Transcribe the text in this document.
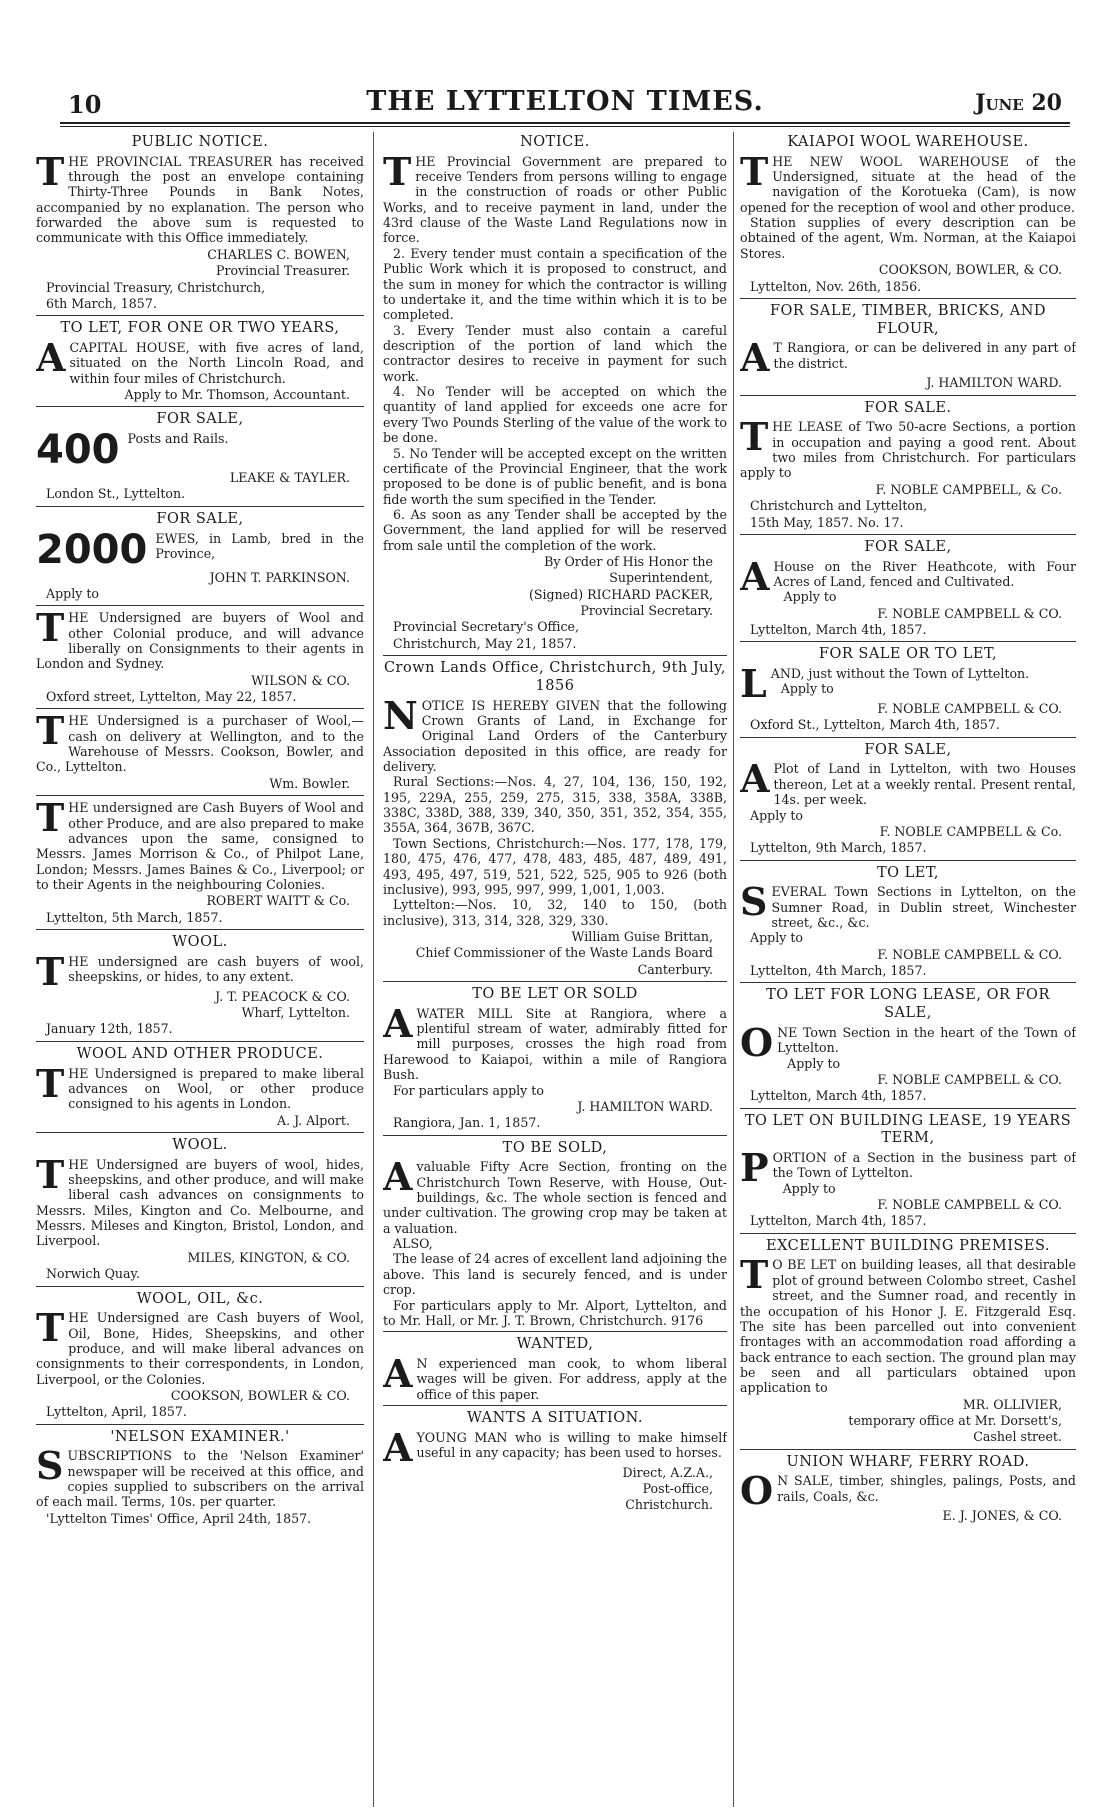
10	THE LYTTELTON TIMES.	June 20
PUBLIC NOTICE.
THE PROVINCIAL TREASURER has received through the post an envelope containing Thirty-Three Pounds in Bank Notes, accompanied by no explanation. The person who forwarded the above sum is requested to communicate with this Office immediately.
CHARLES C. BOWEN,
Provincial Treasurer.
Provincial Treasury, Christchurch,
6th March, 1857.
TO LET, FOR ONE OR TWO YEARS,
ACAPITAL HOUSE, with five acres of land, situated on the North Lincoln Road, and within four miles of Christchurch.
Apply to Mr. Thomson, Accountant.
FOR SALE,
400 Posts and Rails.
LEAKE & TAYLER.
London St., Lyttelton.
FOR SALE,
2000 EWES, in Lamb, bred in the Province,
JOHN T. PARKINSON.
Apply to
THE Undersigned are buyers of Wool and other Colonial produce, and will advance liberally on Consignments to their agents in London and Sydney.
WILSON & CO.
Oxford street, Lyttelton, May 22, 1857.
THE Undersigned is a purchaser of Wool,—cash on delivery at Wellington, and to the Warehouse of Messrs. Cookson, Bowler, and Co., Lyttelton.
Wm. Bowler.
THE undersigned are Cash Buyers of Wool and other Produce, and are also prepared to make advances upon the same, consigned to Messrs. James Morrison & Co., of Philpot Lane, London; Messrs. James Baines & Co., Liverpool; or to their Agents in the neighbouring Colonies.
ROBERT WAITT & Co.
Lyttelton, 5th March, 1857.
WOOL.
THE undersigned are cash buyers of wool, sheepskins, or hides, to any extent.
J. T. PEACOCK & CO.
Wharf, Lyttelton.
January 12th, 1857.
WOOL AND OTHER PRODUCE.
THE Undersigned is prepared to make liberal advances on Wool, or other produce consigned to his agents in London.
A. J. Alport.
WOOL.
THE Undersigned are buyers of wool, hides, sheepskins, and other produce, and will make liberal cash advances on consignments to Messrs. Miles, Kington and Co. Melbourne, and Messrs. Mileses and Kington, Bristol, London, and Liverpool.
MILES, KINGTON, & CO.
Norwich Quay.
WOOL, OIL, &c.
THE Undersigned are Cash buyers of Wool, Oil, Bone, Hides, Sheepskins, and other produce, and will make liberal advances on consignments to their correspondents, in London, Liverpool, or the Colonies.
COOKSON, BOWLER & CO.
Lyttelton, April, 1857.
'NELSON EXAMINER.'
SUBSCRIPTIONS to the 'Nelson Examiner' newspaper will be received at this office, and copies supplied to subscribers on the arrival of each mail. Terms, 10s. per quarter.
'Lyttelton Times' Office, April 24th, 1857.
NOTICE.
THE Provincial Government are prepared to receive Tenders from persons willing to engage in the construction of roads or other Public Works, and to receive payment in land, under the 43rd clause of the Waste Land Regulations now in force.

2. Every tender must contain a specification of the Public Work which it is proposed to construct, and the sum in money for which the contractor is willing to undertake it, and the time within which it is to be completed.

3. Every Tender must also contain a careful description of the portion of land which the contractor desires to receive in payment for such work.

4. No Tender will be accepted on which the quantity of land applied for exceeds one acre for every Two Pounds Sterling of the value of the work to be done.

5. No Tender will be accepted except on the written certificate of the Provincial Engineer, that the work proposed to be done is of public benefit, and is bona fide worth the sum specified in the Tender.

6. As soon as any Tender shall be accepted by the Government, the land applied for will be reserved from sale until the completion of the work.

By Order of His Honor the
Superintendent,
(Signed) RICHARD PACKER,
Provincial Secretary.
Provincial Secretary's Office,
Christchurch, May 21, 1857.
Crown Lands Office, Christchurch, 9th July, 1856
NOTICE IS HEREBY GIVEN that the following Crown Grants of Land, in Exchange for Original Land Orders of the Canterbury Association deposited in this office, are ready for delivery.

Rural Sections:—Nos. 4, 27, 104, 136, 150, 192, 195, 229A, 255, 259, 275, 315, 338, 358A, 338B, 338C, 338D, 388, 339, 340, 350, 351, 352, 354, 355, 355A, 364, 367B, 367C.

Town Sections, Christchurch:—Nos. 177, 178, 179, 180, 475, 476, 477, 478, 483, 485, 487, 489, 491, 493, 495, 497, 519, 521, 522, 525, 905 to 926 (both inclusive), 993, 995, 997, 999, 1,001, 1,003.

Lyttelton:—Nos. 10, 32, 140 to 150, (both inclusive), 313, 314, 328, 329, 330.

William Guise Brittan,
Chief Commissioner of the Waste Lands Board
Canterbury.
TO BE LET OR SOLD
AWATER MILL Site at Rangiora, where a plentiful stream of water, admirably fitted for mill purposes, crosses the high road from Harewood to Kaiapoi, within a mile of Rangiora Bush.

For particulars apply to

J. HAMILTON WARD.
Rangiora, Jan. 1, 1857.
TO BE SOLD,
Avaluable Fifty Acre Section, fronting on the Christchurch Town Reserve, with House, Out-buildings, &c. The whole section is fenced and under cultivation. The growing crop may be taken at a valuation.

ALSO,

The lease of 24 acres of excellent land adjoining the above. This land is securely fenced, and is under crop.

For particulars apply to Mr. Alport, Lyttelton, and to Mr. Hall, or Mr. J. T. Brown, Christchurch. 9176

WANTED,
A N experienced man cook, to whom liberal wages will be given. For address, apply at the office of this paper.
WANTS A SITUATION.
AYOUNG MAN who is willing to make himself useful in any capacity; has been used to horses.
Direct, A.Z.A.,
Post-office,
Christchurch.
KAIAPOI WOOL WAREHOUSE.
THE NEW WOOL WAREHOUSE of the Undersigned, situate at the head of the navigation of the Korotueka (Cam), is now opened for the reception of wool and other produce.

Station supplies of every description can be obtained of the agent, Wm. Norman, at the Kaiapoi Stores.

COOKSON, BOWLER, & CO.
Lyttelton, Nov. 26th, 1856.
FOR SALE, TIMBER, BRICKS, AND FLOUR,
A T Rangiora, or can be delivered in any part of the district.
J. HAMILTON WARD.
FOR SALE.
THE LEASE of Two 50-acre Sections, a portion in occupation and paying a good rent. About two miles from Christchurch. For particulars apply to
F. NOBLE CAMPBELL, & Co.
Christchurch and Lyttelton,
15th May, 1857. No. 17.
FOR SALE,
A House on the River Heathcote, with Four Acres of Land, fenced and Cultivated.

Apply to

F. NOBLE CAMPBELL & CO.
Lyttelton, March 4th, 1857.
FOR SALE OR TO LET,
LAND, just without the Town of Lyttelton.

Apply to

F. NOBLE CAMPBELL & CO.
Oxford St., Lyttelton, March 4th, 1857.
FOR SALE,
A Plot of Land in Lyttelton, with two Houses thereon, Let at a weekly rental. Present rental, 14s. per week.

Apply to

F. NOBLE CAMPBELL & Co.
Lyttelton, 9th March, 1857.
TO LET,
SEVERAL Town Sections in Lyttelton, on the Sumner Road, in Dublin street, Winchester street, &c., &c.

Apply to

F. NOBLE CAMPBELL & CO.
Lyttelton, 4th March, 1857.
TO LET FOR LONG LEASE, OR FOR SALE,
ONE Town Section in the heart of the Town of Lyttelton.

Apply to

F. NOBLE CAMPBELL & CO.
Lyttelton, March 4th, 1857.
TO LET ON BUILDING LEASE, 19 YEARS TERM,
PORTION of a Section in the business part of the Town of Lyttelton.

Apply to

F. NOBLE CAMPBELL & CO.
Lyttelton, March 4th, 1857.
EXCELLENT BUILDING PREMISES.
T O BE LET on building leases, all that desirable plot of ground between Colombo street, Cashel street, and the Sumner road, and recently in the occupation of his Honor J. E. Fitzgerald Esq. The site has been parcelled out into convenient frontages with an accommodation road affording a back entrance to each section. The ground plan may be seen and all particulars obtained upon application to
MR. OLLIVIER,
temporary office at Mr. Dorsett's,
Cashel street.
UNION WHARF, FERRY ROAD.
O N SALE, timber, shingles, palings, Posts, and rails, Coals, &c.
E. J. JONES, & CO.
